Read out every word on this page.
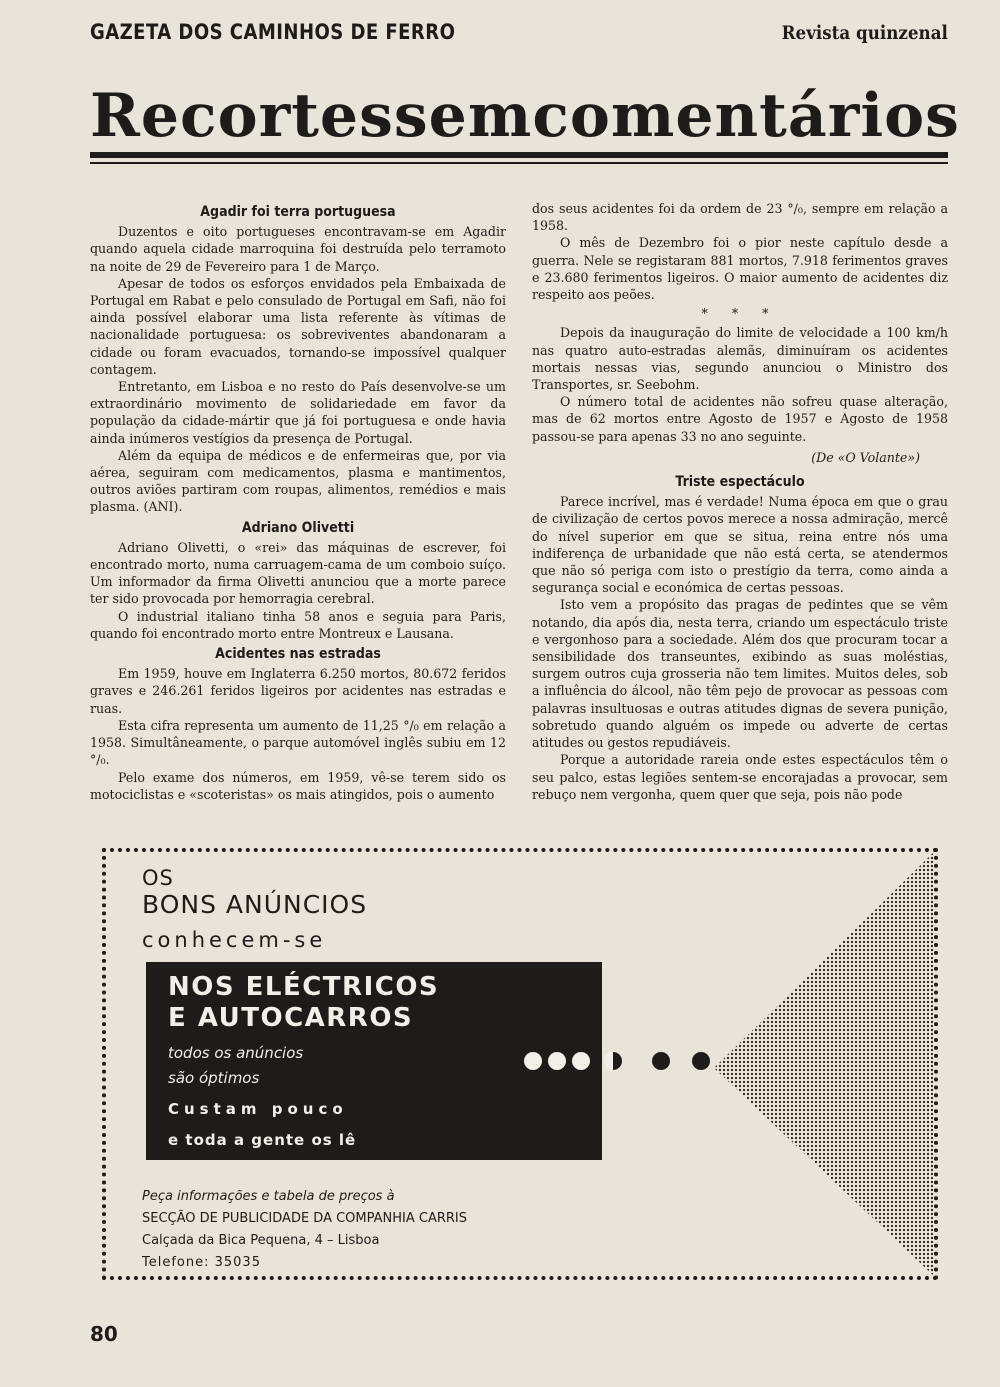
GAZETA DOS CAMINHOS DE FERRO	Revista quinzenal
Recortes sem comentários
Agadir foi terra portuguesa

Duzentos e oito portugueses encontravam-se em Agadir quando aquela cidade marroquina foi destruída pelo terramoto na noite de 29 de Fevereiro para 1 de Março.

Apesar de todos os esforços envidados pela Embaixada de Portugal em Rabat e pelo consulado de Portugal em Safi, não foi ainda possível elaborar uma lista referente às vítimas de nacionalidade portuguesa: os sobreviventes abandonaram a cidade ou foram evacuados, tornando-se impossível qualquer contagem.

Entretanto, em Lisboa e no resto do País desenvolve-se um extraordinário movimento de solidariedade em favor da população da cidade-mártir que já foi portuguesa e onde havia ainda inúmeros vestígios da presença de Portugal.

Além da equipa de médicos e de enfermeiras que, por via aérea, seguiram com medicamentos, plasma e mantimentos, outros aviões partiram com roupas, alimentos, remédios e mais plasma. (ANI).

Adriano Olivetti

Adriano Olivetti, o «rei» das máquinas de escrever, foi encontrado morto, numa carruagem-cama de um comboio suíço. Um informador da firma Olivetti anunciou que a morte parece ter sido provocada por hemorragia cerebral.

O industrial italiano tinha 58 anos e seguia para Paris, quando foi encontrado morto entre Montreux e Lausana.

Acidentes nas estradas

Em 1959, houve em Inglaterra 6.250 mortos, 80.672 feridos graves e 246.261 feridos ligeiros por acidentes nas estradas e ruas.

Esta cifra representa um aumento de 11,25 °/₀ em relação a 1958. Simultâneamente, o parque automóvel inglês subiu em 12 °/₀.

Pelo exame dos números, em 1959, vê-se terem sido os motociclistas e «scoteristas» os mais atingidos, pois o aumento

dos seus acidentes foi da ordem de 23 °/₀, sempre em relação a 1958.

O mês de Dezembro foi o pior neste capítulo desde a guerra. Nele se registaram 881 mortos, 7.918 ferimentos graves e 23.680 ferimentos ligeiros. O maior aumento de acidentes diz respeito aos peões.

* * *

Depois da inauguração do limite de velocidade a 100 km/h nas quatro auto-estradas alemãs, diminuíram os acidentes mortais nessas vias, segundo anunciou o Ministro dos Transportes, sr. Seebohm.

O número total de acidentes não sofreu quase alteração, mas de 62 mortos entre Agosto de 1957 e Agosto de 1958 passou-se para apenas 33 no ano seguinte.

(De «O Volante»)
Triste espectáculo

Parece incrível, mas é verdade! Numa época em que o grau de civilização de certos povos merece a nossa admiração, mercê do nível superior em que se situa, reina entre nós uma indiferença de urbanidade que não está certa, se atendermos que não só periga com isto o prestígio da terra, como ainda a segurança social e económica de certas pessoas.

Isto vem a propósito das pragas de pedintes que se vêm notando, dia após dia, nesta terra, criando um espectáculo triste e vergonhoso para a sociedade. Além dos que procuram tocar a sensibilidade dos transeuntes, exibindo as suas moléstias, surgem outros cuja grosseria não tem limites. Muitos deles, sob a influência do álcool, não têm pejo de provocar as pessoas com palavras insultuosas e outras atitudes dignas de severa punição, sobretudo quando alguém os impede ou adverte de certas atitudes ou gestos repudiáveis.

Porque a autoridade rareia onde estes espectáculos têm o seu palco, estas legiões sentem-se encorajadas a provocar, sem rebuço nem vergonha, quem quer que seja, pois não pode

OS
BONS ANÚNCIOS
conhecem-se
NOS ELÉCTRICOS
E AUTOCARROS
todos os anúncios
são óptimos
Custam pouco
e toda a gente os lê
Peça informações e tabela de preços à
SECÇÃO DE PUBLICIDADE DA COMPANHIA CARRIS
Calçada da Bica Pequena, 4 – Lisboa
Telefone: 35035
80
